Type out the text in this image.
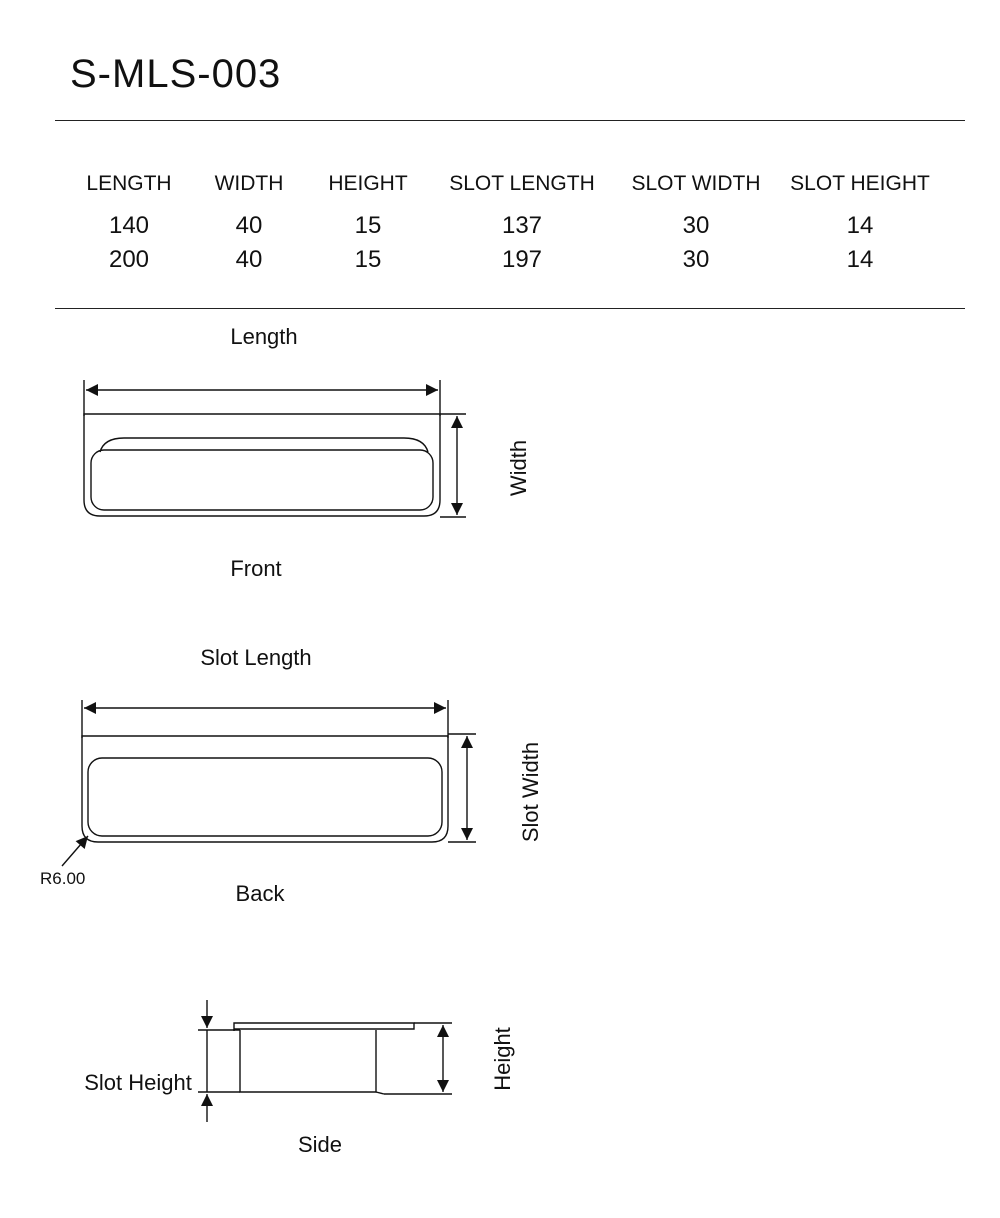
S-MLS-003
LENGTH	WIDTH	HEIGHT	SLOT LENGTH	SLOT WIDTH	SLOT HEIGHT
140	40	15	137	30	14
200	40	15	197	30	14
Length
Width
Front
Slot Length
Slot Width
R6.00
Back
Slot Height	Height
Side
